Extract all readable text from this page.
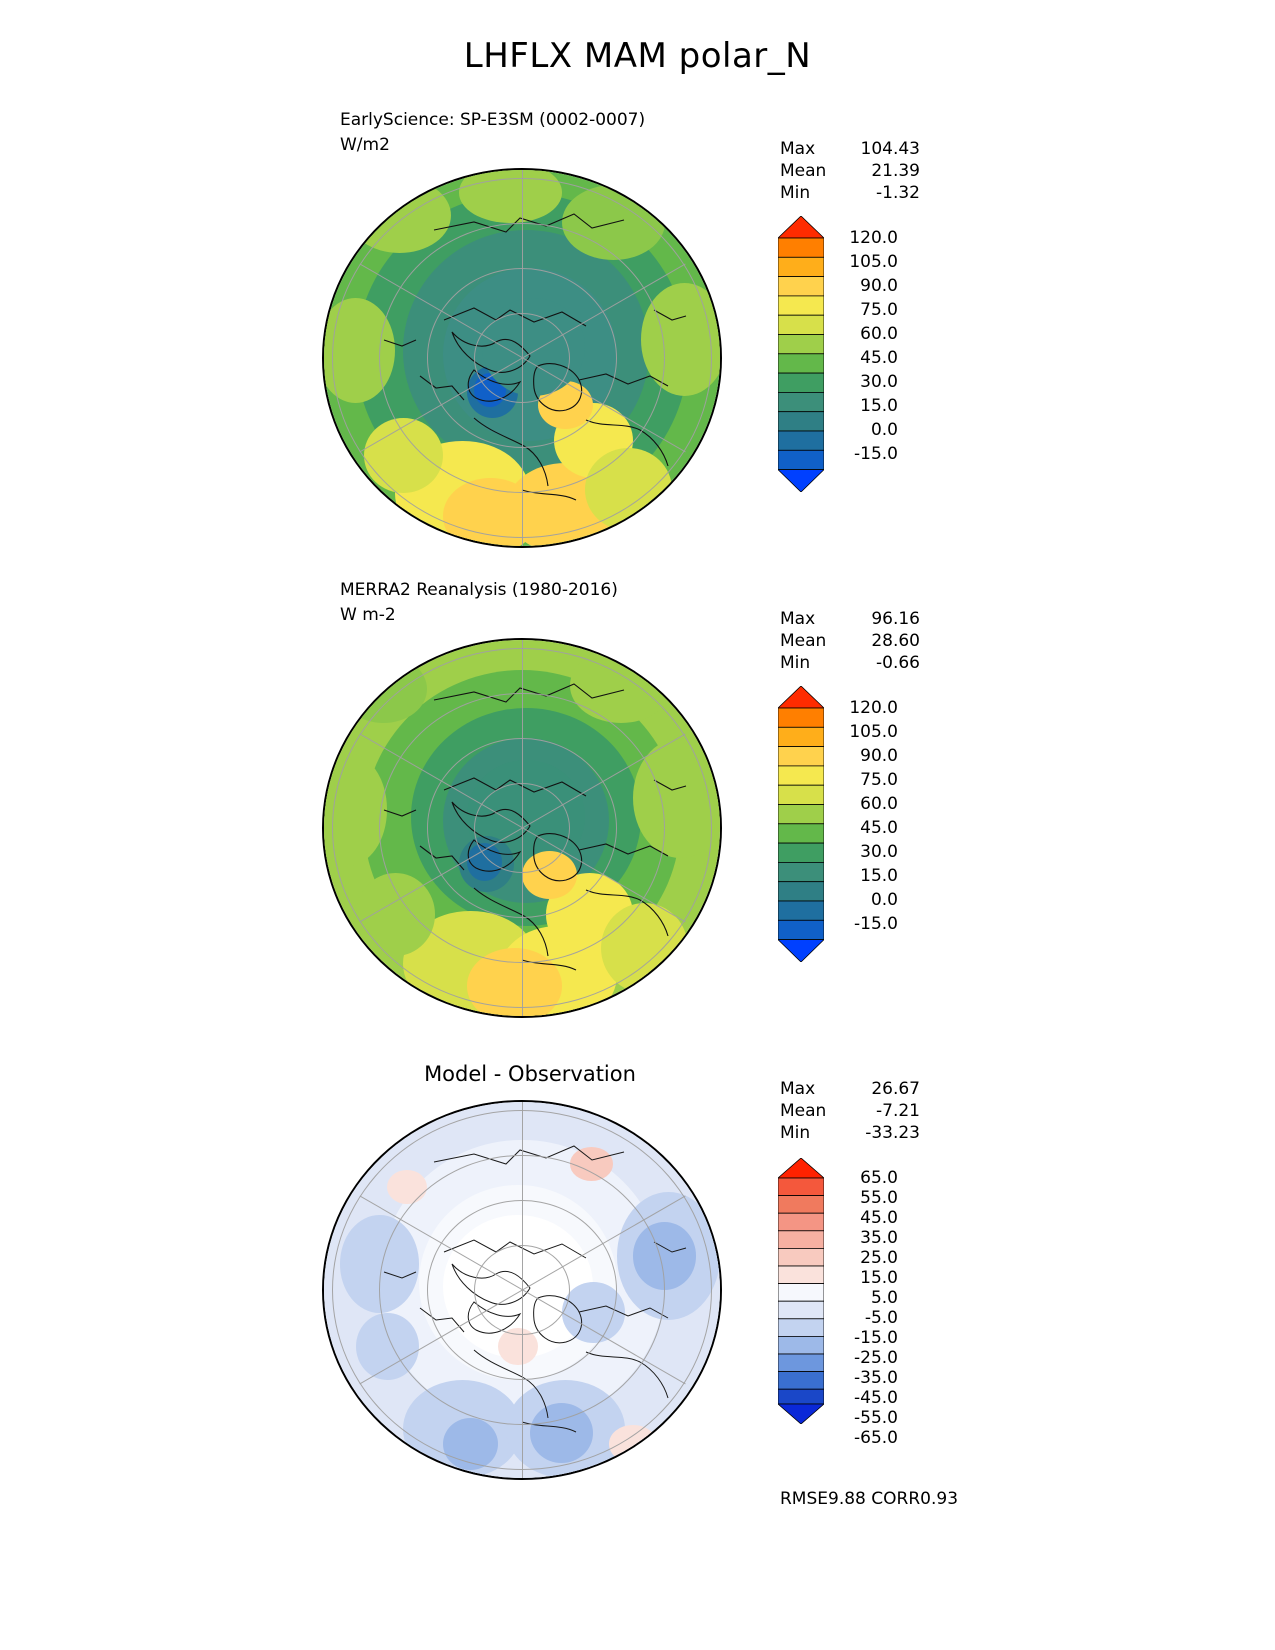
LHFLX MAM polar_N
EarlyScience: SP-E3SM (0002-0007)
W/m2	Max	104.43
Mean	21.39
Min	-1.32
120.0
105.0
90.0
75.0
60.0
45.0
30.0
15.0
0.0
-15.0
MERRA2 Reanalysis (1980-2016)
W m-2	Max	96.16
Mean	28.60
Min	-0.66
120.0
105.0
90.0
75.0
60.0
45.0
30.0
15.0
0.0
-15.0
Model - Observation
Max	26.67
Mean	-7.21
Min	-33.23
65.0
55.0
45.0
35.0
25.0
15.0
5.0
-5.0
-15.0
-25.0
-35.0
-45.0
-55.0
-65.0
RMSE9.88 CORR0.93
